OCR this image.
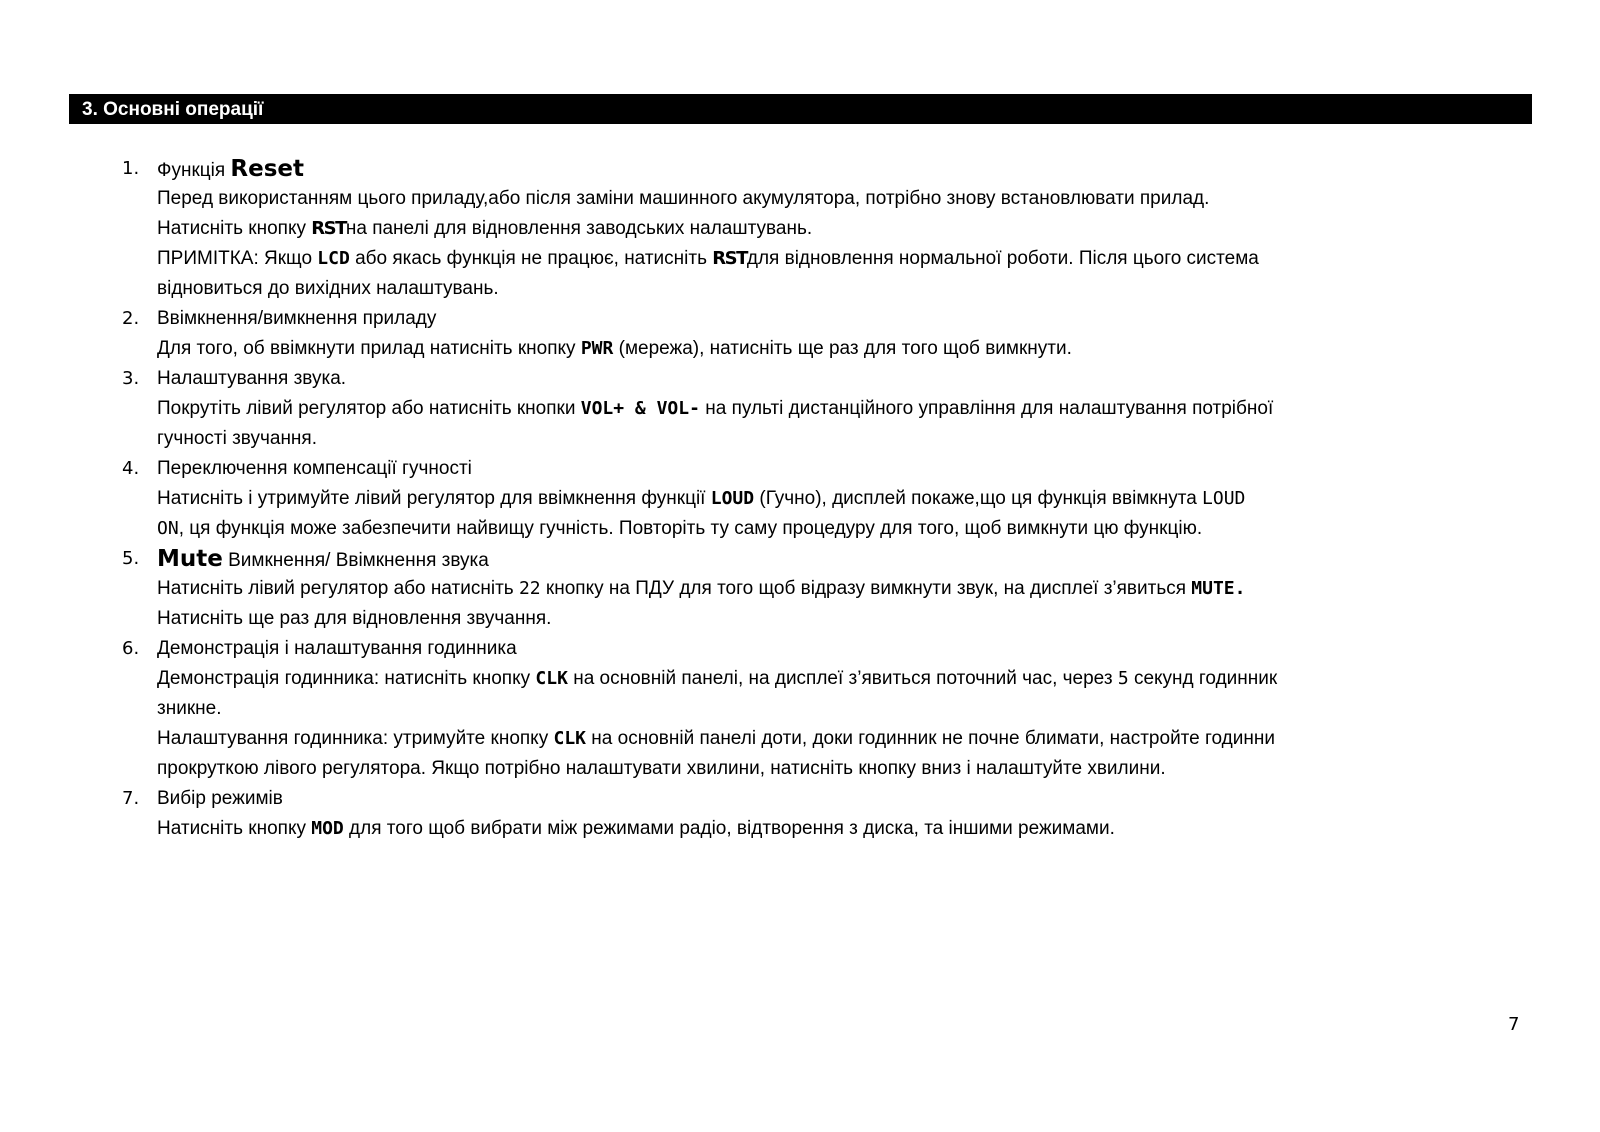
3. Основні операції
1. Функція Reset
Перед використанням цього приладу,або після заміни машинного акумулятора, потрібно знову встановлювати прилад.
Натисніть кнопку RSTна панелі для відновлення заводських налаштувань.
ПРИМІТКА: Якщо LCD або якась функція не працює, натисніть RSTдля відновлення нормальної роботи. Після цього система
відновиться до вихідних налаштувань.
2. Ввімкнення/вимкнення приладу
Для того, об ввімкнути прилад натисніть кнопку PWR (мережа), натисніть ще раз для того щоб вимкнути.
3. Налаштування звука.
Покрутіть лівий регулятор або натисніть кнопки VOL+ & VOL- на пульті дистанційного управління для налаштування потрібної
гучності звучання.
4. Переключення компенсації гучності
Натисніть і утримуйте лівий регулятор для ввімкнення функції LOUD (Гучно), дисплей покаже,що ця функція ввімкнута LOUD
ON, ця функція може забезпечити найвищу гучність. Повторіть ту саму процедуру для того, щоб вимкнути цю функцію.
5. Mute Вимкнення/ Ввімкнення звука
Натисніть лівий регулятор або натисніть 22 кнопку на ПДУ для того щоб відразу вимкнути звук, на дисплеї з’явиться MUTE.
Натисніть ще раз для відновлення звучання.
6. Демонстрація і налаштування годинника
Демонстрація годинника: натисніть кнопку CLK на основній панелі, на дисплеї з’явиться поточний час, через 5 секунд годинник
зникне.
Налаштування годинника: утримуйте кнопку CLK на основній панелі доти, доки годинник не почне блимати, настройте годинни
прокруткою лівого регулятора. Якщо потрібно налаштувати хвилини, натисніть кнопку вниз і налаштуйте хвилини.
7. Вибір режимів
Натисніть кнопку MOD для того щоб вибрати між режимами радіо, відтворення з диска, та іншими режимами.
7
